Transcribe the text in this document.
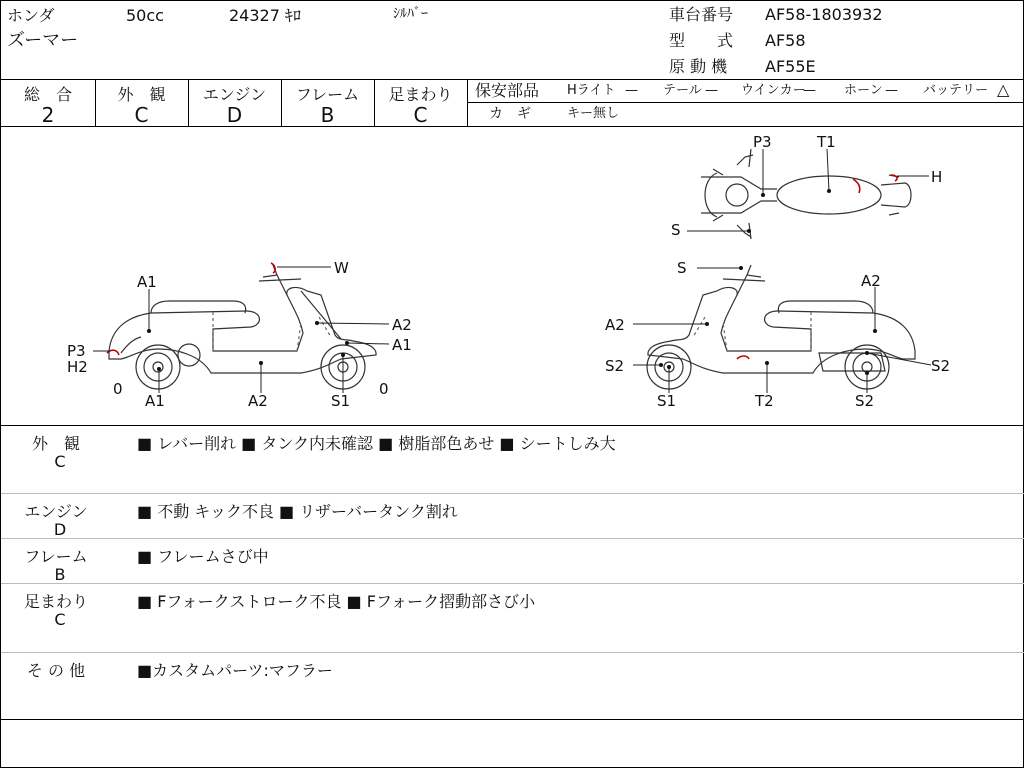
ホンダ	50cc	24327 ｷﾛ	ｼﾙﾊﾞｰ
ズーマー
車台番号 AF58-1803932
型　　式 AF58
原 動 機 AF55E
総　合
2
外　観
C
エンジン
D
フレーム
B
足まわり
C
保安部品 Hライト — テール — ウインカー
— ホーン — バッテリー △
カ　ギ	キー無し
A1
W
A2
A1
P3
H2
0
A1	A2	S1
0
S
A2
A2
S2	S2
S1	T2	S2
P3	T1
H
S
外　観
C
■ レバー削れ ■ タンク内未確認 ■ 樹脂部色あせ ■ シートしみ大
エンジン
D
■ 不動 キック不良 ■ リザーバータンク割れ
フレーム
B
■ フレームさび中
足まわり
C
■ Fフォークストローク不良 ■ Fフォーク摺動部さび小
そ の 他	■カスタムパーツ:マフラー
